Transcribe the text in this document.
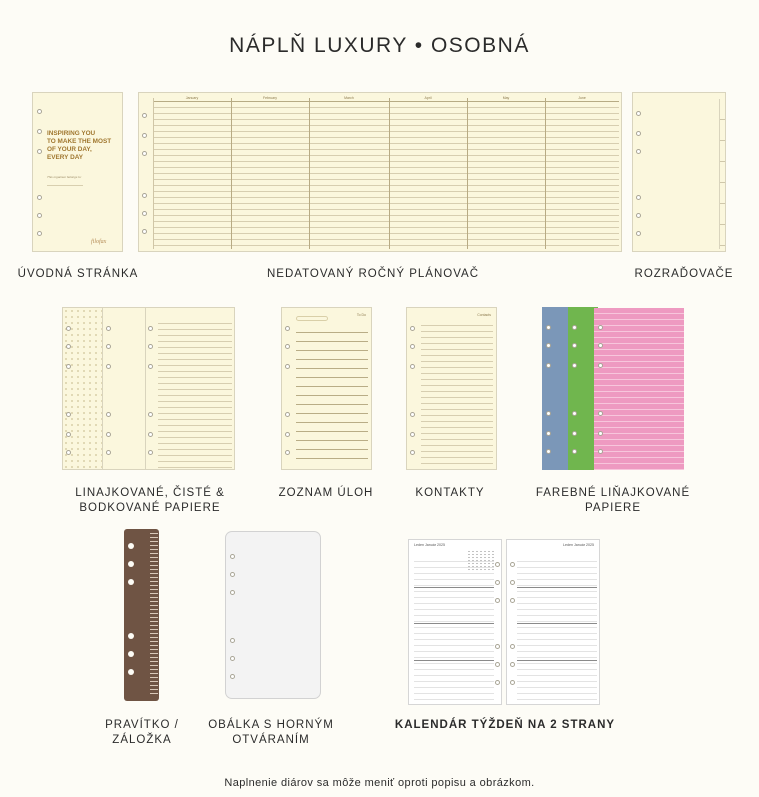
NÁPLŇ LUXURY • OSOBNÁ
INSPIRING YOU
TO MAKE THE MOST
OF YOUR DAY,
EVERY DAY
This organiser belongs to:
filofax
ÚVODNÁ STRÁNKA
January	February	March	April	May	June
NEDATOVANÝ ROČNÝ PLÁNOVAČ	ROZRAĎOVAČE
LINAJKOVANÉ, ČISTÉ &
BODKOVANÉ PAPIERE
To Do
ZOZNAM ÚLOH
Contacts
KONTAKTY	FAREBNÉ LIŇAJKOVANÉ
PAPIERE
PRAVÍTKO /
ZÁLOŽKA
OBÁLKA S HORNÝM
OTVÁRANÍM
Leden Január 2025	Leden Január 2025
KALENDÁR TÝŽDEŇ NA 2 STRANY
Naplnenie diárov sa môže meniť oproti popisu a obrázkom.
